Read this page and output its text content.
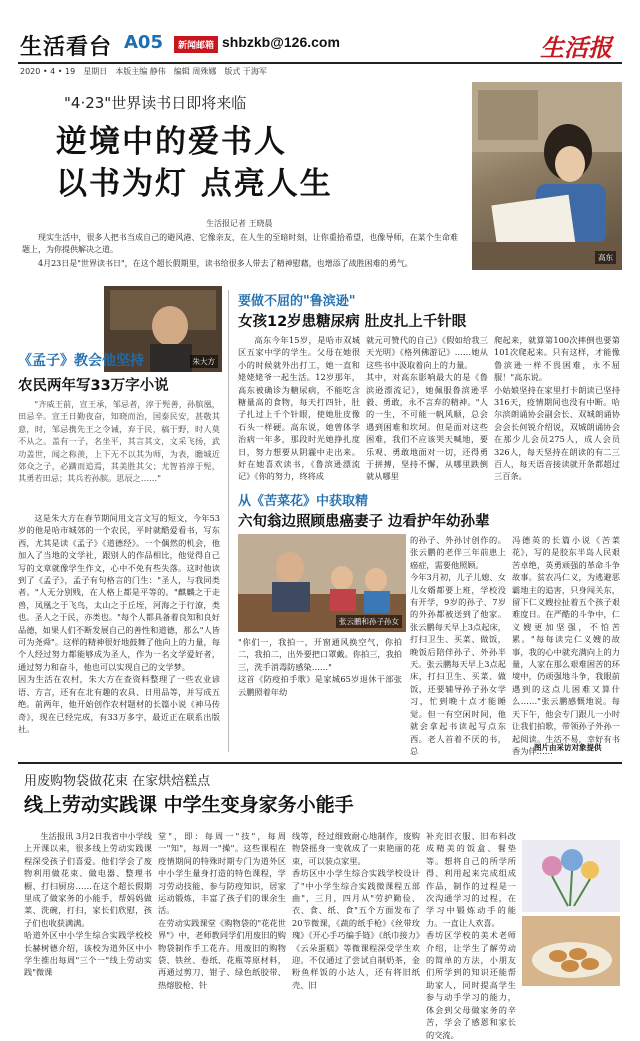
生活看台 A05	新闻邮箱 shbzkb@126.com	生活报
2020 • 4 • 19　星期日　本版主编 静伟　编辑 周殊娜　版式 于海军
"4·23"世界读书日即将来临
逆境中的爱书人
以书为灯 点亮人生
生活报记者 王晓晨
现实生活中，很多人把书当成自己的避风港、它像亲友，在人生的至暗时刻，让你重拾希望，也像导师，在某个生命难题上，为你提供解决之道。
4月23日是"世界读书日"，在这个超长假期里，读书给很多人带去了精神慰藉，也增添了战胜困难的勇气。
高东
朱大方
《孟子》教会他坚持
农民两年写33万字小说
"齐威王前，宣王承，邹忌者，淳于髡善，孙膑凰，田忌辛。宣王日勤夜奋，知晓而治，国泰民安，甚敬其意，时，邹忌携先王之令诫，弃于民，稿于野，时人莫不从之。盖有一子，名坐平，其言其文，文采飞扬，武功盖世，闻之称羡，上下无不以其为师，为表，瞻城近郊众之子，必蹒而追焉，其美胜其父；尤智苔淳于髡，其勇若田忌；其兵若孙膑。思辰之……"
这是朱大方在春节期间用文言文写的短文，今年53岁的他是哈市城郊的一个农民，平时就酷爱看书，写东西，尤其是读《孟子》《道德经》。一个偶然的机会，他加入了当地的文学社，跟别人的作品相比，他觉得自己写的文章就像学生作文，心中不免有些失落。这时他读到了《孟子》，孟子有句格言的门生："圣人，与我同类者。"人无分别贱，在人格上都是平等的。"麒麟之于走兽，凤凰之于飞鸟，太山之于丘垤，河海之于行潦，类也。圣人之于民，亦类也。"每个人都具备着良知和良好品德，如果人们不断发展自己的善性和道德，那么"人皆可为尧舜"。这样的精神很好地鼓舞了他向上的力量，每个人经过努力都能够成为圣人，作为一名文学爱好者，通过努力和奋斗，他也可以实现自己的文学梦。
因为生活在农村，朱大方在查资料整理了一些农业谚语、方言，还有在北有趣的农具、日用品等，并写成五绝。前两年，他开始创作农村题材的长篇小说《神马传奇》，现在已经完成，有33万多字，最近正在联系出版社。
要做不屈的"鲁滨逊"
女孩12岁患糖尿病 肚皮扎上千针眼
高东今年15岁，是哈市双城区五家中学的学生。父母在她很小的时候就外出打工，她一直和姥姥姥爷一起生活。12岁那年，高东被确诊为糖尿病，不能吃含糖量高的食物，每天打四针，肚子扎过上千个针眼，使她肚皮像石头一样硬。高东说，她曾体学治病一年多，那段时光她挣扎度日，努力想要从阴霾中走出来。好在她喜欢读书，《鲁滨逊漂流记》《你的努力，终将成
就元可赞代的自己》《假如给我三天光明》《格列佛游记》……她从这些书中汲取着向上的力量。
其中，对高东影响最大的是《鲁滨逊漂流记》，她佩服鲁滨逊孚毅、勇敢，永不言弃的精神。"人的一生，不可能一帆风顺，总会遇到困难和坎坷。但是面对这些困难，我们不应该哭天喊地，要乐观、勇敢地面对一切，还得勇于拼搏，坚持不懈，从哪里跌倒就从哪里
爬起来，就算第100次摔倒也要第101次爬起来。只有这样，才能像鲁滨逊一样不畏困难，永不屈服！"高东说。
小姑娘坚持在家里打卡朗读已坚持316天，疫情期间也没有中断。哈尔滨朗诵协会副会长、双城朗诵协会会长何锐介绍说，双城朗诵协会在那少儿会员275人，成人会员326人，每天坚持在朗读的有二三百人，每天语音接读就开条都超过三百条。
从《苦菜花》中获取精
六旬翁边照顾患癌妻子 边看护年幼孙辈
张云鹏和孙子孙女
"你们一，我拍一，开窗通风换空气，你拍二，我拍二，出外要把口罩戴。你拍三，我拍三，洗手消毒防感染……"
这首《防疫拍手歌》是家城65岁退休干部张云鹏照着年幼
的孙子、外孙讨创作的。张云鹏的老伴三年前患上癌症，需要他照顾。
今年3月初，儿子儿媳、女儿女婿都要上班，学校没有开学，9岁的孙子、7岁的外孙都被送到了他家。张云鹏每天早上3点起床，打扫卫生、买菜、做饭，晚饭后陪伴孙子、外孙半天。张云鹏每天早上3点起床，打扫卫生、买菜、做饭，还要辅导孙子孙女学习，忙到晚十点才能睡觉。但一有空闲时间，他就会拿起书读起写点东西。老人首着不厌的书，总
冯德英的长篇小说《苦菜花》，写的是胶东半岛人民艰苦卓绝，英勇顽强的革命斗争故事。贫农冯仁义，为逃避恶霸地主的追害，只身闯关东，留下仁义嫂拉扯着五个孩子艰难度日。在严酷的斗争中，仁义嫂更加坚强，不怕苦累。"每每读完仁义嫂的故事，我的心中就充满向上的力量，人家在那么艰难困苦的环境中，仍顽强地斗争，我眼前遇到的这点儿困难又算什么……"张云鹏感慨地说。每天下午，他会专门跟儿一小时让我们拍歌，带领孙子外孙一起阅读。生活不易，幸好有书香为伴……
图片由采访对象提供
用废购物袋做花束 在家烘焙糕点
线上劳动实践课 中学生变身家务小能手
生活报讯 3月2日我省中小学线上开课以来，很多线上劳动实践课程深受孩子们喜爱。他们学会了废物利用做花束、做电器、整理书橱、打扫厨房……在这个超长假期里成了做家务的小能手，帮妈妈做菜、洗碗，打扫，家长们欣慰，孩子们也收获满满。
哈道外区中小学生综合实践学校校长赫树德介绍，该校为道外区中小学生推出每周"三个一"线上劳动实践"微课
堂"，即：每周一"技"，每周一"知"，每周一"操"。这些课程在疫情期间的特殊时期专门为道外区中小学生量身打造的特色课程，学习劳动技能、参与防疫知识，居家运动锻炼，丰富了孩子们的课余生活。
在劳动实践课堂《购物袋的"花花世界"》中，老师教同学们用废旧的购物袋制作手工花卉。用废旧的购物袋、铁丝、卷纸、花瓶等原材料，再通过剪刀、钳子、绿色纸胶带、热熔胶枪、针
线等，经过细致耐心地制作，废购物袋摇身一变就成了一束艳丽的花束，可以装点家里。
香坊区中小学生综合实践学校设计了"中小学生综合实践微课程五部曲"，三月，四月从"劳护勤俭、衣、食、纸、食"五个方面发布了20节微课，《蔬的纸手枪》《丝带玫瑰》《开心手巧编手链》《纸巾接力》《云朵蛋糕》等微课程深受学生欢迎。不仅通过了尝试自制奶茶，金粉鱼样饭的小达人，还有将旧纸壳、旧
补充旧衣服、旧布料改成精美的饭盒、餐垫等。想将自己的所学所得、利用起来完成组成作品，制作的过程是一次沟通学习的过程，在学习中锻炼动手的能力。一直让人欢喜。
香坊区学校的美术老师介绍，让学生了解劳动的简单的方法，小朋友们所学到的知识还能帮助家人，同时提高学生参与动手学习的能力，体会到父母做家务的辛苦，学会了感恩和家长的交流。
